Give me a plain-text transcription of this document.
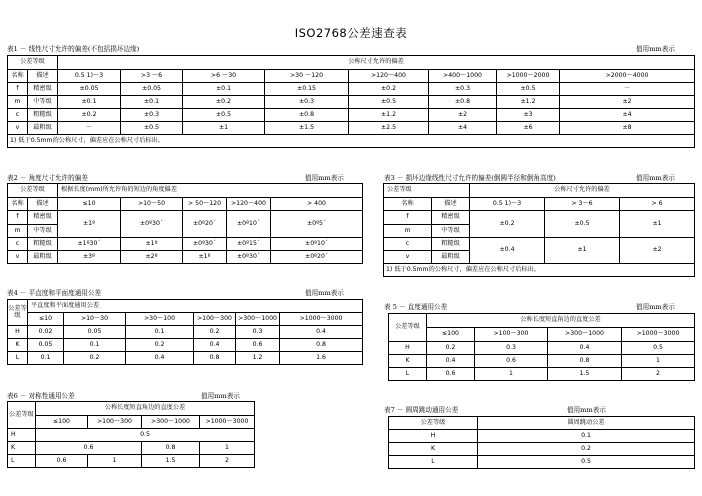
ISO2768公差速查表
表1 － 线性尺寸允许的偏差(不包括损坏边缘)	值用mm表示
公差等级		公称尺寸允许的偏差							
名称	描述	0.5 1)～3	>3 ～6	>6 ～30	>30 ～120	>120～400	>400～1000	>1000～2000	>2000～4000
f	精密级	±0.05	±0.05	±0.1	±0.15	±0.2	±0.3	±0.5	－
m	中等级	±0.1	±0.1	±0.2	±0.3	±0.5	±0.8	±1.2	±2
c	粗糙级	±0.2	±0.3	±0.5	±0.8	±1.2	±2	±3	±4
v	最粗级	－	±0.5	±1	±1.5	±2.5	±4	±6	±8
1) 低于0.5mm的公称尺寸，偏差应在公称尺寸后标出。									
表2 － 角度尺寸允许的偏差	值用mm表示
公差等级		根据长度(mm)所允许角的短边的角度偏差				
名称	描述	≤10	>10～50	> 50～120	>120～400	> 400
f	精密级	±1º	±0º30´	±0º20´	±0º10´	±0º5´
m	中等级					
c	粗糙级	±1º30´	±1º	±0º30´	±0º15´	±0º10´
v	最粗级	±3º	±2º	±1º	±0º30´	±0º20´
表3 － 损坏边缘线性尺寸允许的偏差(倒圆半径和倒角高度)	值用mm表示
公差等级		公称尺寸允许的偏差		
名称	描述	0.5 1)～3	> 3～6	> 6
f	精密级	±0.2	±0.5	±1
m	中等级			
c	粗糙级	±0.4	±1	±2
v	最粗级			
1) 低于0.5mm的公称尺寸，偏差应在公称尺寸后标出。				
表4 － 平直度和平面度通用公差	值用mm表示
公差等级	平直度和平面度通用公差					
	≤10	>10～30	>30～100	>100～300	>300～1000	>1000～3000
H	0.02	0.05	0.1	0.2	0.3	0.4
K	0.05	0.1	0.2	0.4	0.6	0.8
L	0.1	0.2	0.4	0.8	1.2	1.6
表 5 － 直度通用公差	值用mm表示
公差等级	公称长度短直角边的直度公差			
	≤100	>100～300	>300～1000	>1000～3000
H	0.2	0.3	0.4	0.5
K	0.4	0.6	0.8	1
L	0.6	1	1.5	2
表6 － 对称性通用公差	值用mm表示
公差等级	公称长度短直角边的直度公差			
	≤100	>100～300	>300～1000	>1000～3000
H	0.5			
K	0.6		0.8	1
L	0.6	1	1.5	2
表7 － 圆周跳动通用公差	值用mm表示
公差等级	圆周跳动公差
H	0.1
K	0.2
L	0.5
